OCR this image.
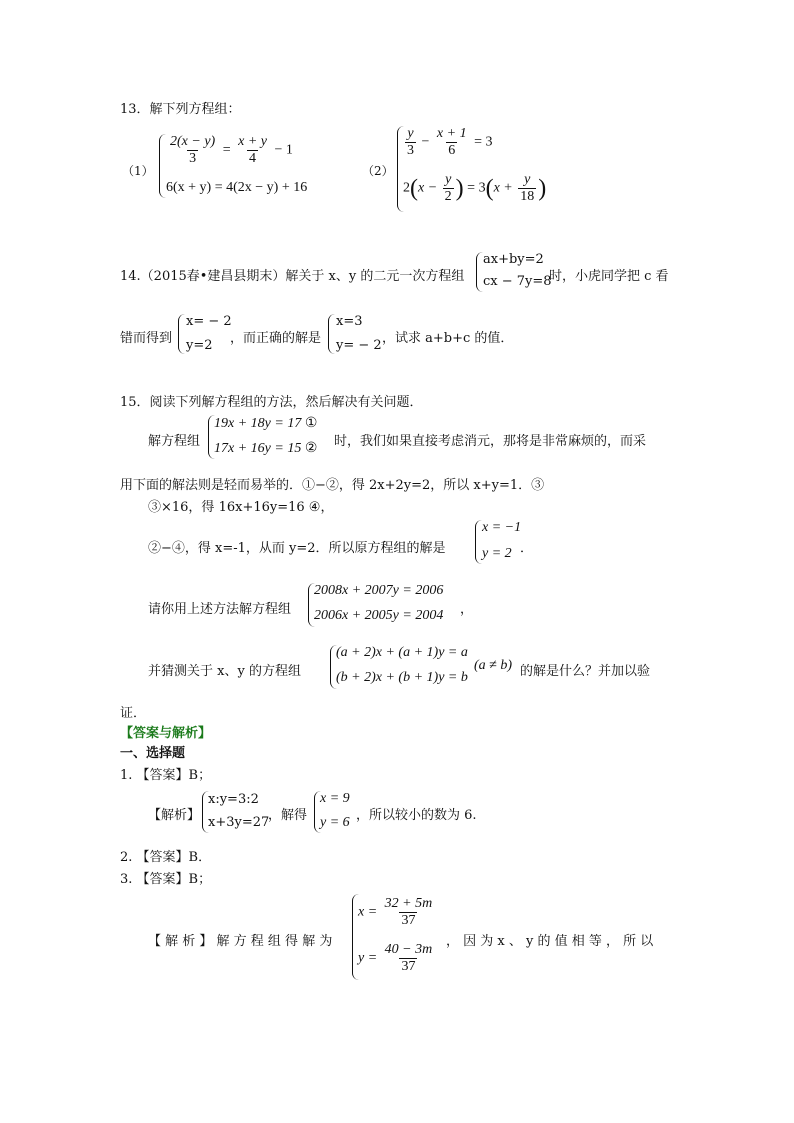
13．解下列方程组：
（1）
$\frac{2(x - y)}{3} = \frac{x + y}{4} - 1$
6(x + y) = 4(2x − y) + 16
（2）
$\frac{y}{3} - \frac{x + 1}{6} = 3$
$2(x - \frac{y}{2}$ ) = $3(x + \frac{y}{18}$ )
14.（2015春•建昌县期末）解关于 x、y 的二元一次方程组
ax+by=2
cx − 7y=8
时，小虎同学把 c 看
错而得到
x= − 2
y=2 ，而正确的解是
x=3
y= − 2 ，试求 a+b+c 的值．
15．阅读下列解方程组的方法，然后解决有关问题．
解方程组
19x + 18y = 17 ①
17x + 16y = 15 ② 时，我们如果直接考虑消元，那将是非常麻烦的，而采
用下面的解法则是轻而易举的．①−②，得 2x+2y=2，所以 x+y=1．③
③×16，得 16x+16y=16 ④，
②−④，得 x=-1，从而 y=2．所以原方程组的解是
x = −1
y = 2 ．
请你用上述方法解方程组
2008x + 2007y = 2006
2006x + 2005y = 2004 ，
并猜测关于 x、y 的方程组
(a + 2)x + (a + 1)y = a
(b + 2)x + (b + 1)y = b
(a ≠ b) 的解是什么？并加以验
证．
【答案与解析】
一、选择题
1. 【答案】B；
【解析】
x:y=3:2
x+3y=27
，解得
x = 9
y = 6 ，所以较小的数为 6.
2. 【答案】B．
3. 【答案】B；
【 解 析 】 解 方 程 组 得 解 为
$x = \frac{32 + 5m}{37}$
$y = \frac{40 - 3m}{37}$
， 因 为 x 、 y 的 值 相 等 ， 所 以
